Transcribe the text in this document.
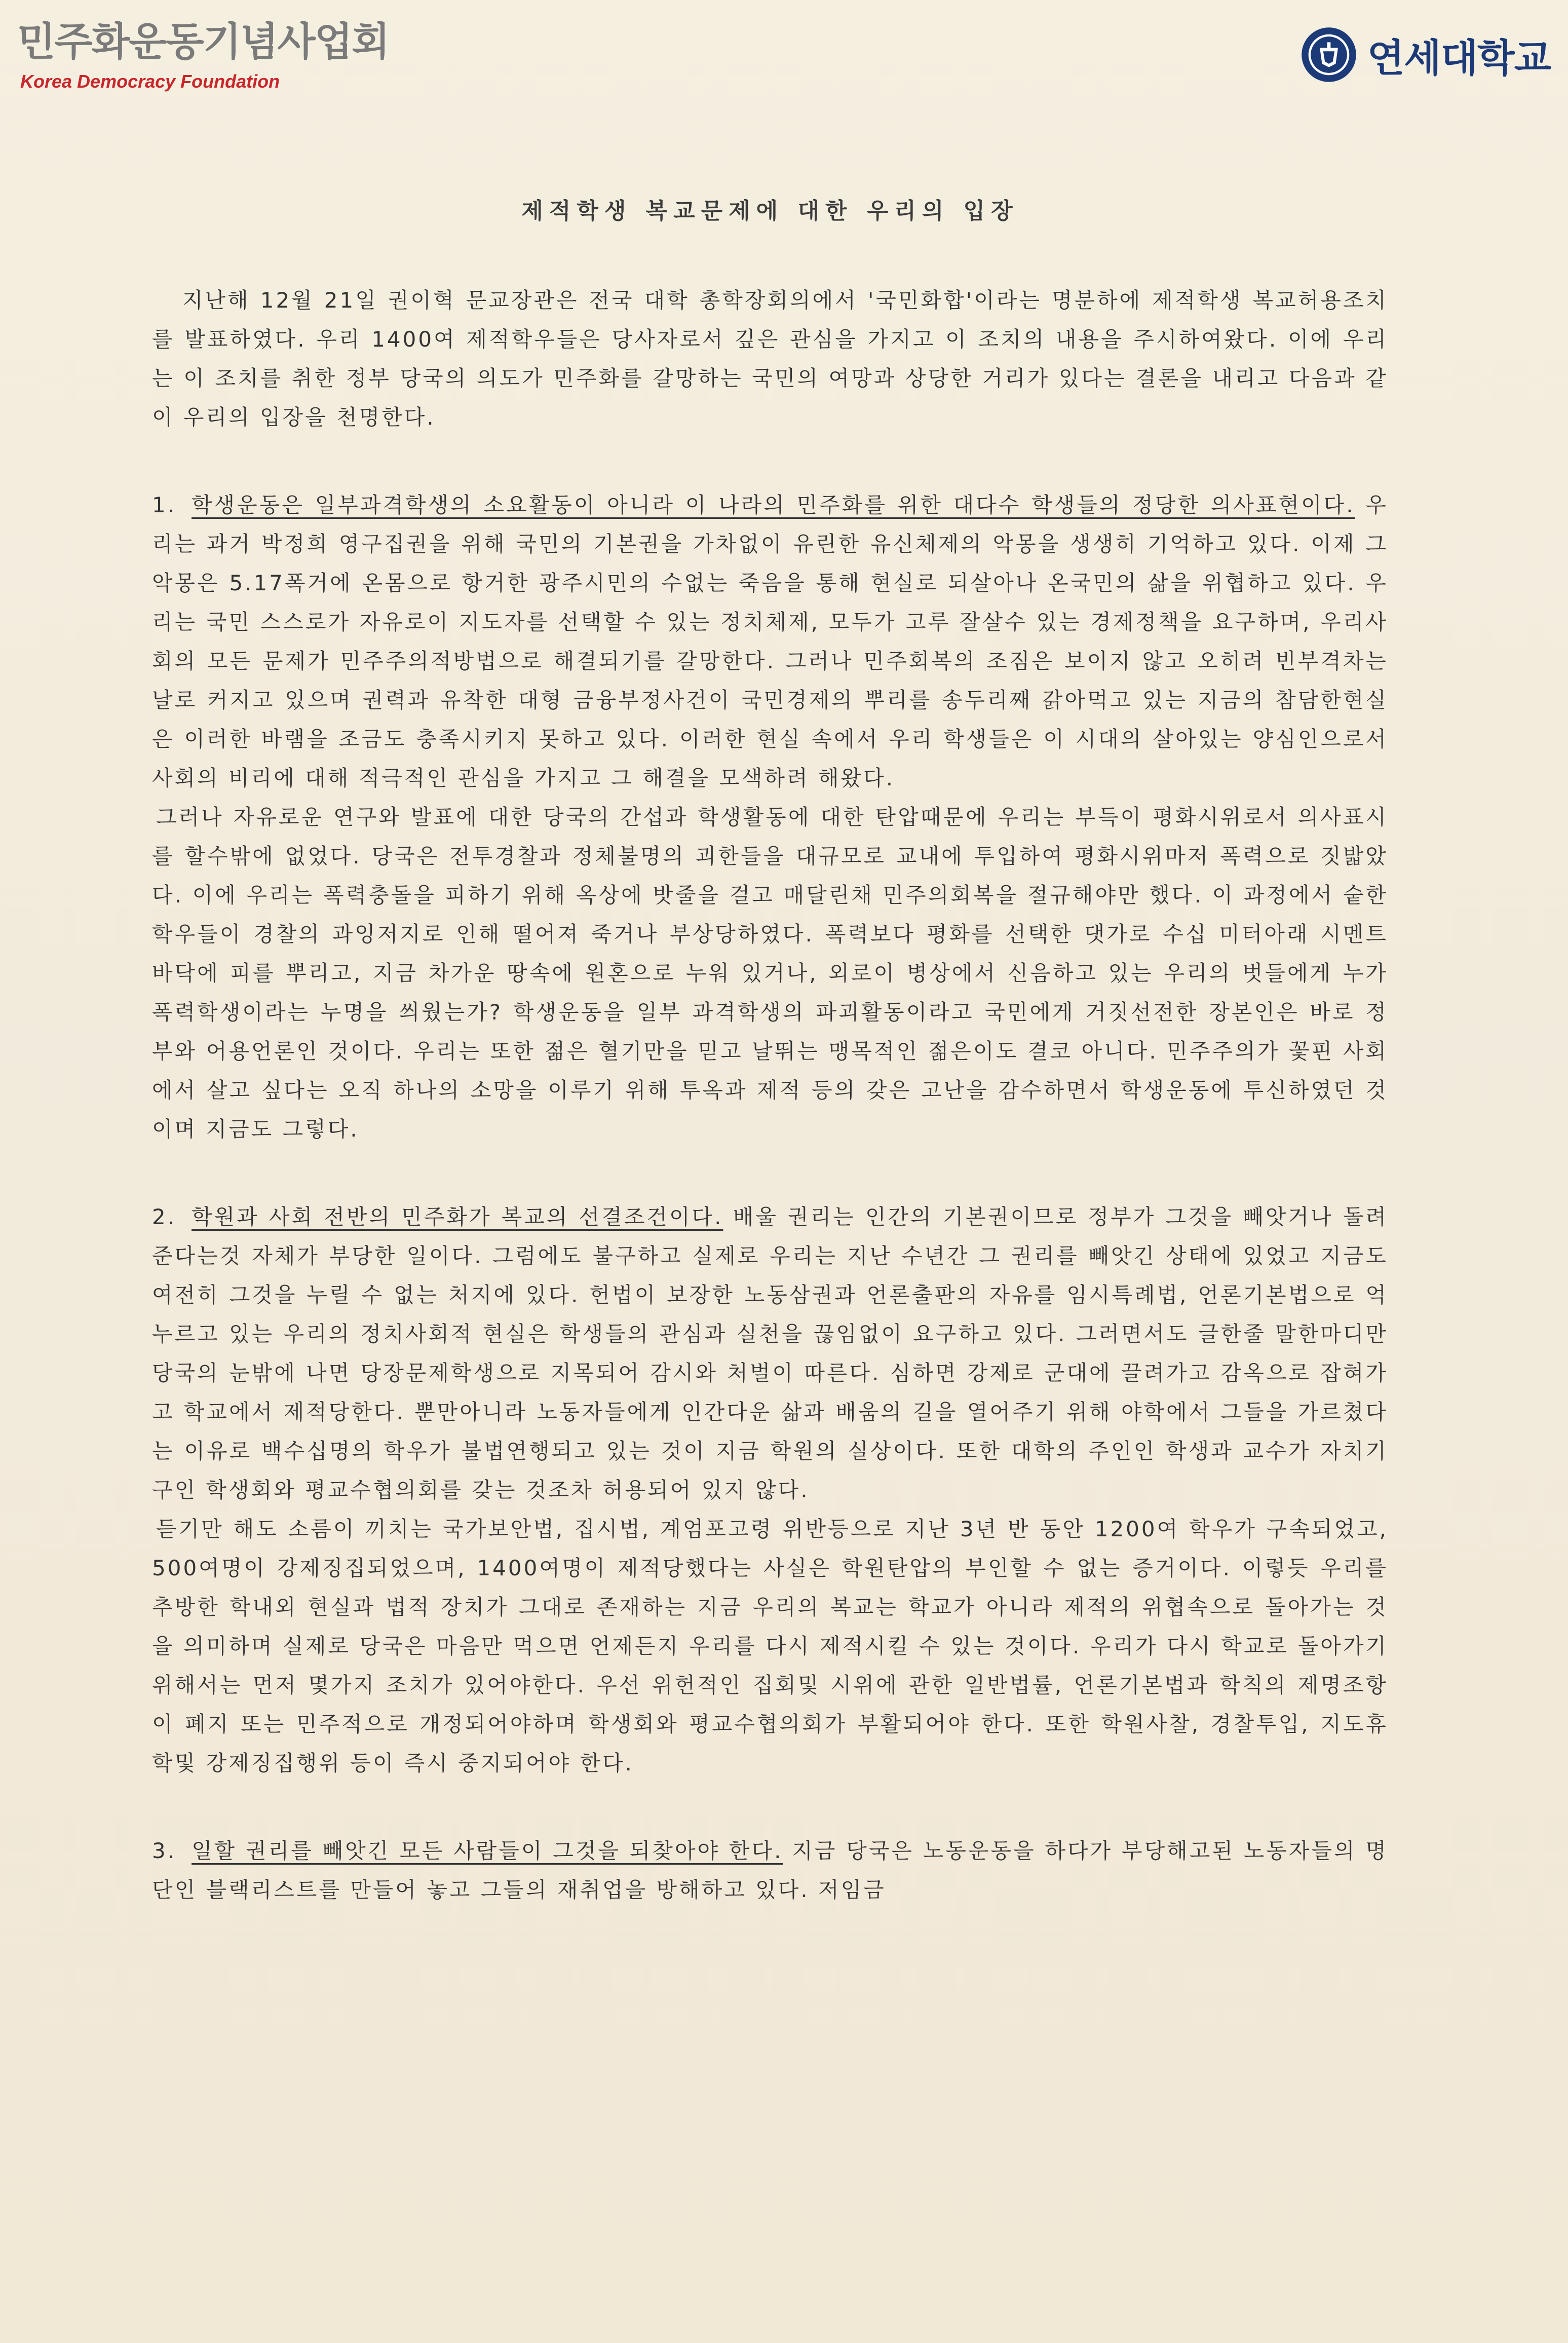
민주화운동기념사업회
Korea Democracy Foundation
연세대학교
제적학생 복교문제에 대한 우리의 입장

지난해 12월 21일 권이혁 문교장관은 전국 대학 총학장회의에서 '국민화합'이라는 명분하에 제적학생 복교허용조치를 발표하였다. 우리 1400여 제적학우들은 당사자로서 깊은 관심을 가지고 이 조치의 내용을 주시하여왔다. 이에 우리는 이 조치를 취한 정부 당국의 의도가 민주화를 갈망하는 국민의 여망과 상당한 거리가 있다는 결론을 내리고 다음과 같이 우리의 입장을 천명한다.

1. 학생운동은 일부과격학생의 소요활동이 아니라 이 나라의 민주화를 위한 대다수 학생들의 정당한 의사표현이다. 우리는 과거 박정희 영구집권을 위해 국민의 기본권을 가차없이 유린한 유신체제의 악몽을 생생히 기억하고 있다. 이제 그 악몽은 5.17폭거에 온몸으로 항거한 광주시민의 수없는 죽음을 통해 현실로 되살아나 온국민의 삶을 위협하고 있다. 우리는 국민 스스로가 자유로이 지도자를 선택할 수 있는 정치체제, 모두가 고루 잘살수 있는 경제정책을 요구하며, 우리사회의 모든 문제가 민주주의적방법으로 해결되기를 갈망한다. 그러나 민주회복의 조짐은 보이지 않고 오히려 빈부격차는 날로 커지고 있으며 권력과 유착한 대형 금융부정사건이 국민경제의 뿌리를 송두리째 갉아먹고 있는 지금의 참담한현실은 이러한 바램을 조금도 충족시키지 못하고 있다. 이러한 현실 속에서 우리 학생들은 이 시대의 살아있는 양심인으로서 사회의 비리에 대해 적극적인 관심을 가지고 그 해결을 모색하려 해왔다.

그러나 자유로운 연구와 발표에 대한 당국의 간섭과 학생활동에 대한 탄압때문에 우리는 부득이 평화시위로서 의사표시를 할수밖에 없었다. 당국은 전투경찰과 정체불명의 괴한들을 대규모로 교내에 투입하여 평화시위마저 폭력으로 짓밟았다. 이에 우리는 폭력충돌을 피하기 위해 옥상에 밧줄을 걸고 매달린채 민주의회복을 절규해야만 했다. 이 과정에서 숱한 학우들이 경찰의 과잉저지로 인해 떨어져 죽거나 부상당하였다. 폭력보다 평화를 선택한 댓가로 수십 미터아래 시멘트 바닥에 피를 뿌리고, 지금 차가운 땅속에 원혼으로 누워 있거나, 외로이 병상에서 신음하고 있는 우리의 벗들에게 누가 폭력학생이라는 누명을 씌웠는가? 학생운동을 일부 과격학생의 파괴활동이라고 국민에게 거짓선전한 장본인은 바로 정부와 어용언론인 것이다. 우리는 또한 젊은 혈기만을 믿고 날뛰는 맹목적인 젊은이도 결코 아니다. 민주주의가 꽃핀 사회에서 살고 싶다는 오직 하나의 소망을 이루기 위해 투옥과 제적 등의 갖은 고난을 감수하면서 학생운동에 투신하였던 것이며 지금도 그렇다.

2. 학원과 사회 전반의 민주화가 복교의 선결조건이다. 배울 권리는 인간의 기본권이므로 정부가 그것을 빼앗거나 돌려준다는것 자체가 부당한 일이다. 그럼에도 불구하고 실제로 우리는 지난 수년간 그 권리를 빼앗긴 상태에 있었고 지금도 여전히 그것을 누릴 수 없는 처지에 있다. 헌법이 보장한 노동삼권과 언론출판의 자유를 임시특례법, 언론기본법으로 억누르고 있는 우리의 정치사회적 현실은 학생들의 관심과 실천을 끊임없이 요구하고 있다. 그러면서도 글한줄 말한마디만 당국의 눈밖에 나면 당장문제학생으로 지목되어 감시와 처벌이 따른다. 심하면 강제로 군대에 끌려가고 감옥으로 잡혀가고 학교에서 제적당한다. 뿐만아니라 노동자들에게 인간다운 삶과 배움의 길을 열어주기 위해 야학에서 그들을 가르쳤다는 이유로 백수십명의 학우가 불법연행되고 있는 것이 지금 학원의 실상이다. 또한 대학의 주인인 학생과 교수가 자치기구인 학생회와 평교수협의회를 갖는 것조차 허용되어 있지 않다.

듣기만 해도 소름이 끼치는 국가보안법, 집시법, 계엄포고령 위반등으로 지난 3년 반 동안 1200여 학우가 구속되었고, 500여명이 강제징집되었으며, 1400여명이 제적당했다는 사실은 학원탄압의 부인할 수 없는 증거이다. 이렇듯 우리를 추방한 학내외 현실과 법적 장치가 그대로 존재하는 지금 우리의 복교는 학교가 아니라 제적의 위협속으로 돌아가는 것을 의미하며 실제로 당국은 마음만 먹으면 언제든지 우리를 다시 제적시킬 수 있는 것이다. 우리가 다시 학교로 돌아가기 위해서는 먼저 몇가지 조치가 있어야한다. 우선 위헌적인 집회및 시위에 관한 일반법률, 언론기본법과 학칙의 제명조항이 폐지 또는 민주적으로 개정되어야하며 학생회와 평교수협의회가 부활되어야 한다. 또한 학원사찰, 경찰투입, 지도휴학및 강제징집행위 등이 즉시 중지되어야 한다.

3. 일할 권리를 빼앗긴 모든 사람들이 그것을 되찾아야 한다. 지금 당국은 노동운동을 하다가 부당해고된 노동자들의 명단인 블랙리스트를 만들어 놓고 그들의 재취업을 방해하고 있다. 저임금
